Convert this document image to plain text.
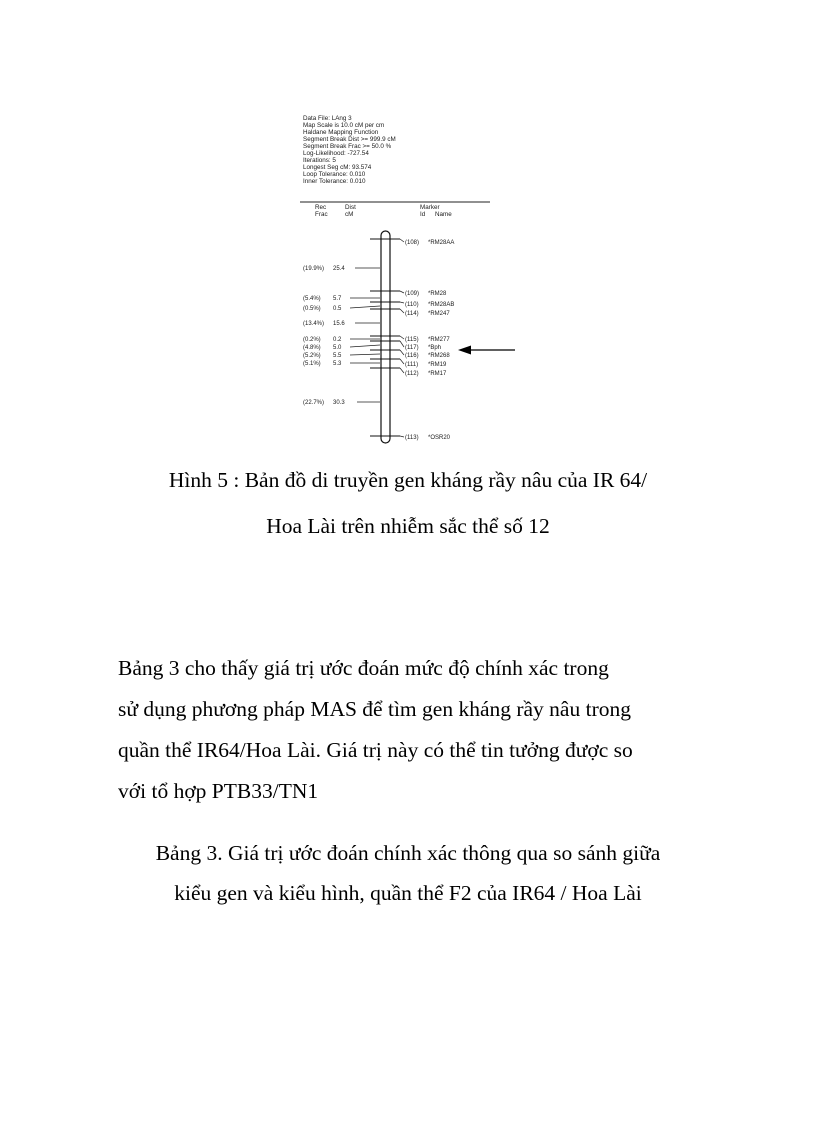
Data File: LAng 3
Map Scale is 10.0 cM per cm
Haldane Mapping Function
Segment Break Dist >= 999.9 cM
Segment Break Frac >= 50.0 %
Log-Likelihood: -727.54
Iterations: 5
Longest Seg cM: 93.574
Loop Tolerance: 0.010
Inner Tolerance: 0.010
Rec
Frac
Dist
cM
Marker
Id Name
(19.9%) 25.4
(5.4%) 5.7
(0.5%) 0.5
(13.4%) 15.6
(0.2%) 0.2
(4.8%) 5.0
(5.2%) 5.5
(5.1%) 5.3
(22.7%) 30.3
(108) *RM28AA
(109) *RM28
(110) *RM28AB
(114) *RM247
(115) *RM277
(117) *Bph
(116) *RM268
(111) *RM19
(112) *RM17
(113) *OSR20

Hình 5 : Bản đồ di truyền gen kháng rầy nâu của IR 64/

Hoa Lài trên nhiễm sắc thể số 12

Bảng 3 cho thấy giá trị ước đoán mức độ chính xác trong
sử dụng phương pháp MAS để tìm gen kháng rầy nâu trong
quần thể IR64/Hoa Lài. Giá trị này có thể tin tưởng được so
với tổ hợp PTB33/TN1

Bảng 3. Giá trị ước đoán chính xác thông qua so sánh giữa

kiểu gen và kiểu hình, quần thể F2 của IR64 / Hoa Lài
